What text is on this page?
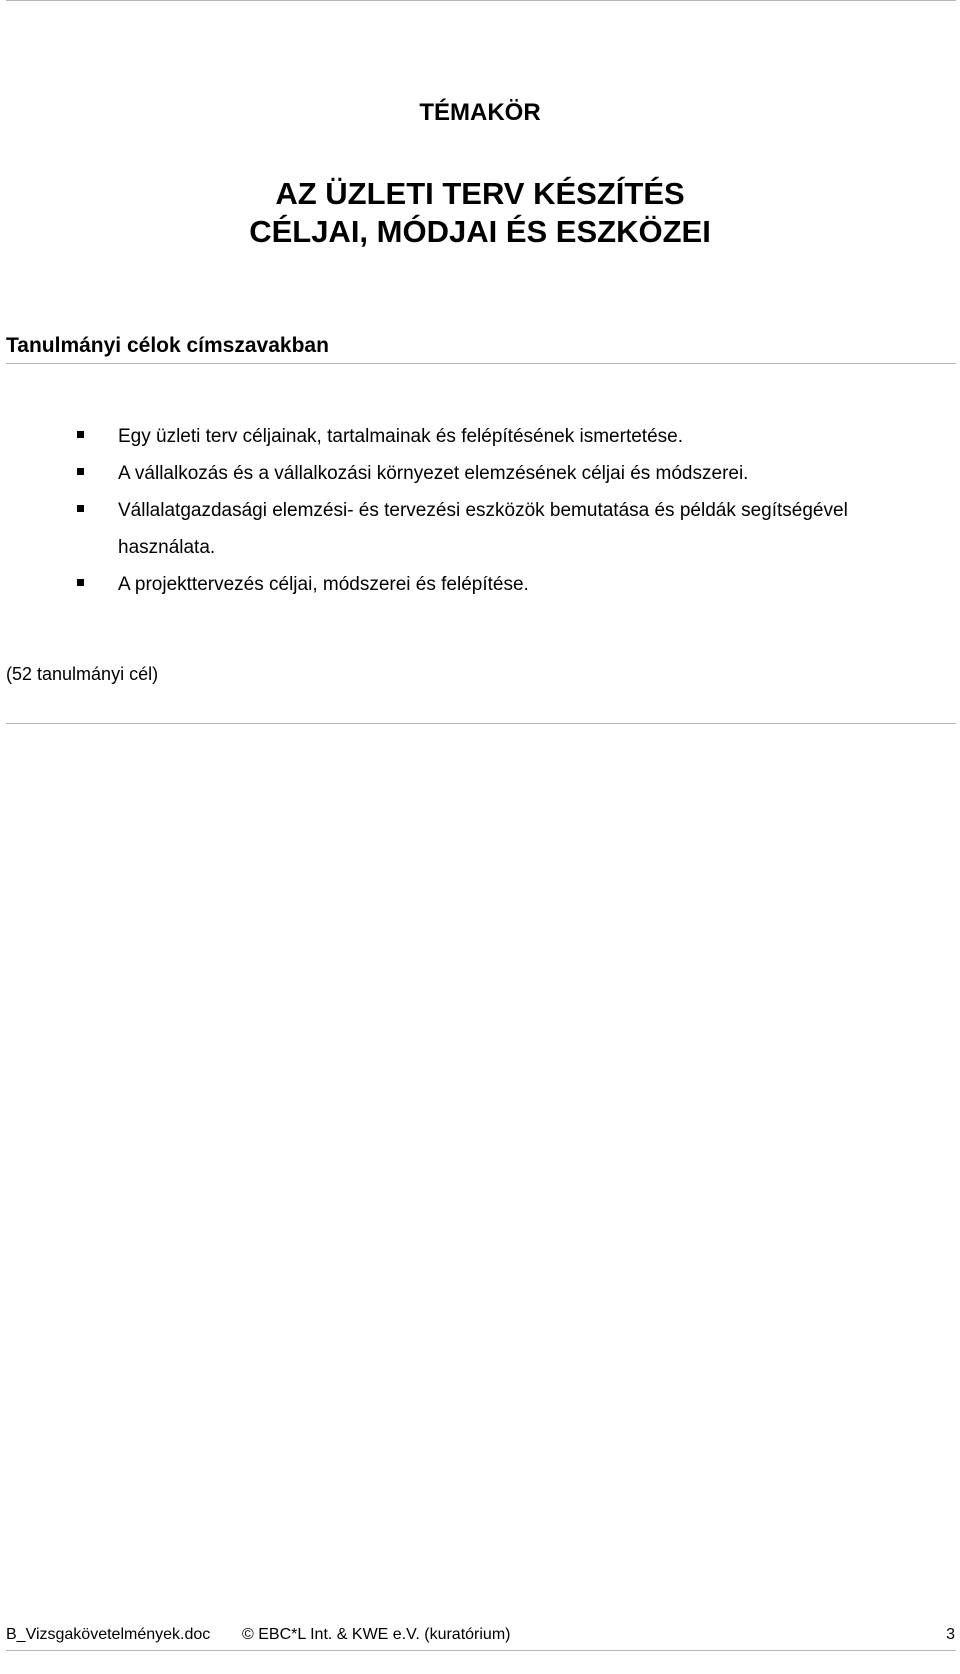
TÉMAKÖR
AZ ÜZLETI TERV KÉSZÍTÉS
CÉLJAI, MÓDJAI ÉS ESZKÖZEI
Tanulmányi célok címszavakban
Egy üzleti terv céljainak, tartalmainak és felépítésének ismertetése.
A vállalkozás és a vállalkozási környezet elemzésének céljai és módszerei.
Vállalatgazdasági elemzési- és tervezési eszközök bemutatása és példák segítségével használata.
A projekttervezés céljai, módszerei és felépítése.
(52 tanulmányi cél)
B_Vizsgakövetelmények.doc © EBC*L Int. & KWE e.V. (kuratórium)	3
